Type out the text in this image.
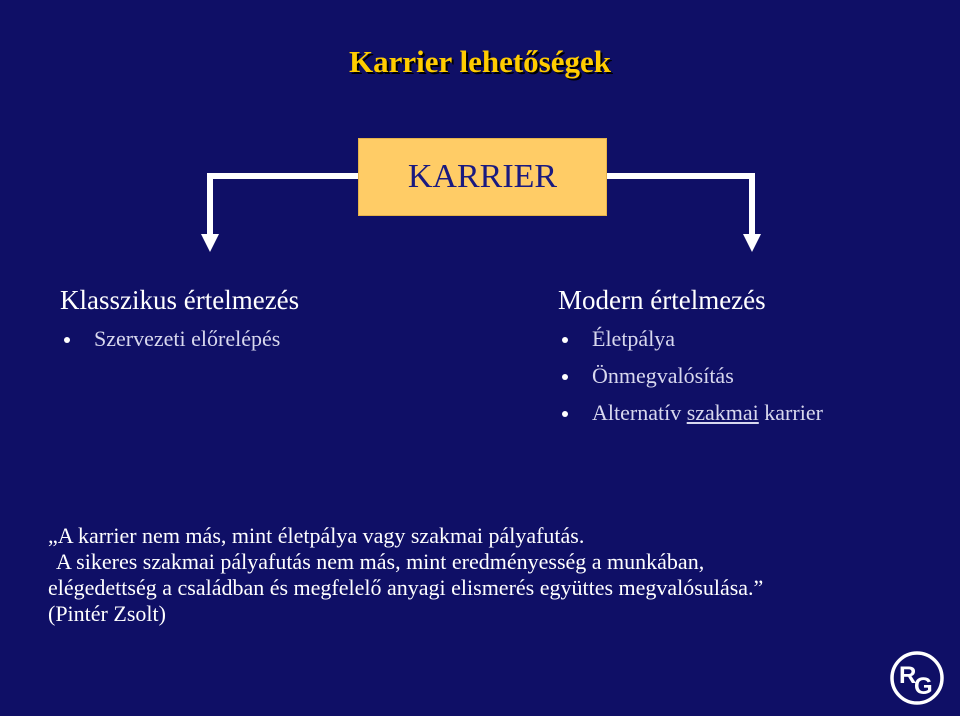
Karrier lehetőségek
KARRIER
Klasszikus értelmezés
Szervezeti előrelépés
Modern értelmezés
Életpálya
Önmegvalósítás
Alternatív szakmai karrier

„A karrier nem más, mint életpálya vagy szakmai pályafutás.

A sikeres szakmai pályafutás nem más, mint eredményesség a munkában,

elégedettség a családban és megfelelő anyagi elismerés együttes megvalósulása.”

(Pintér Zsolt)

R
G
